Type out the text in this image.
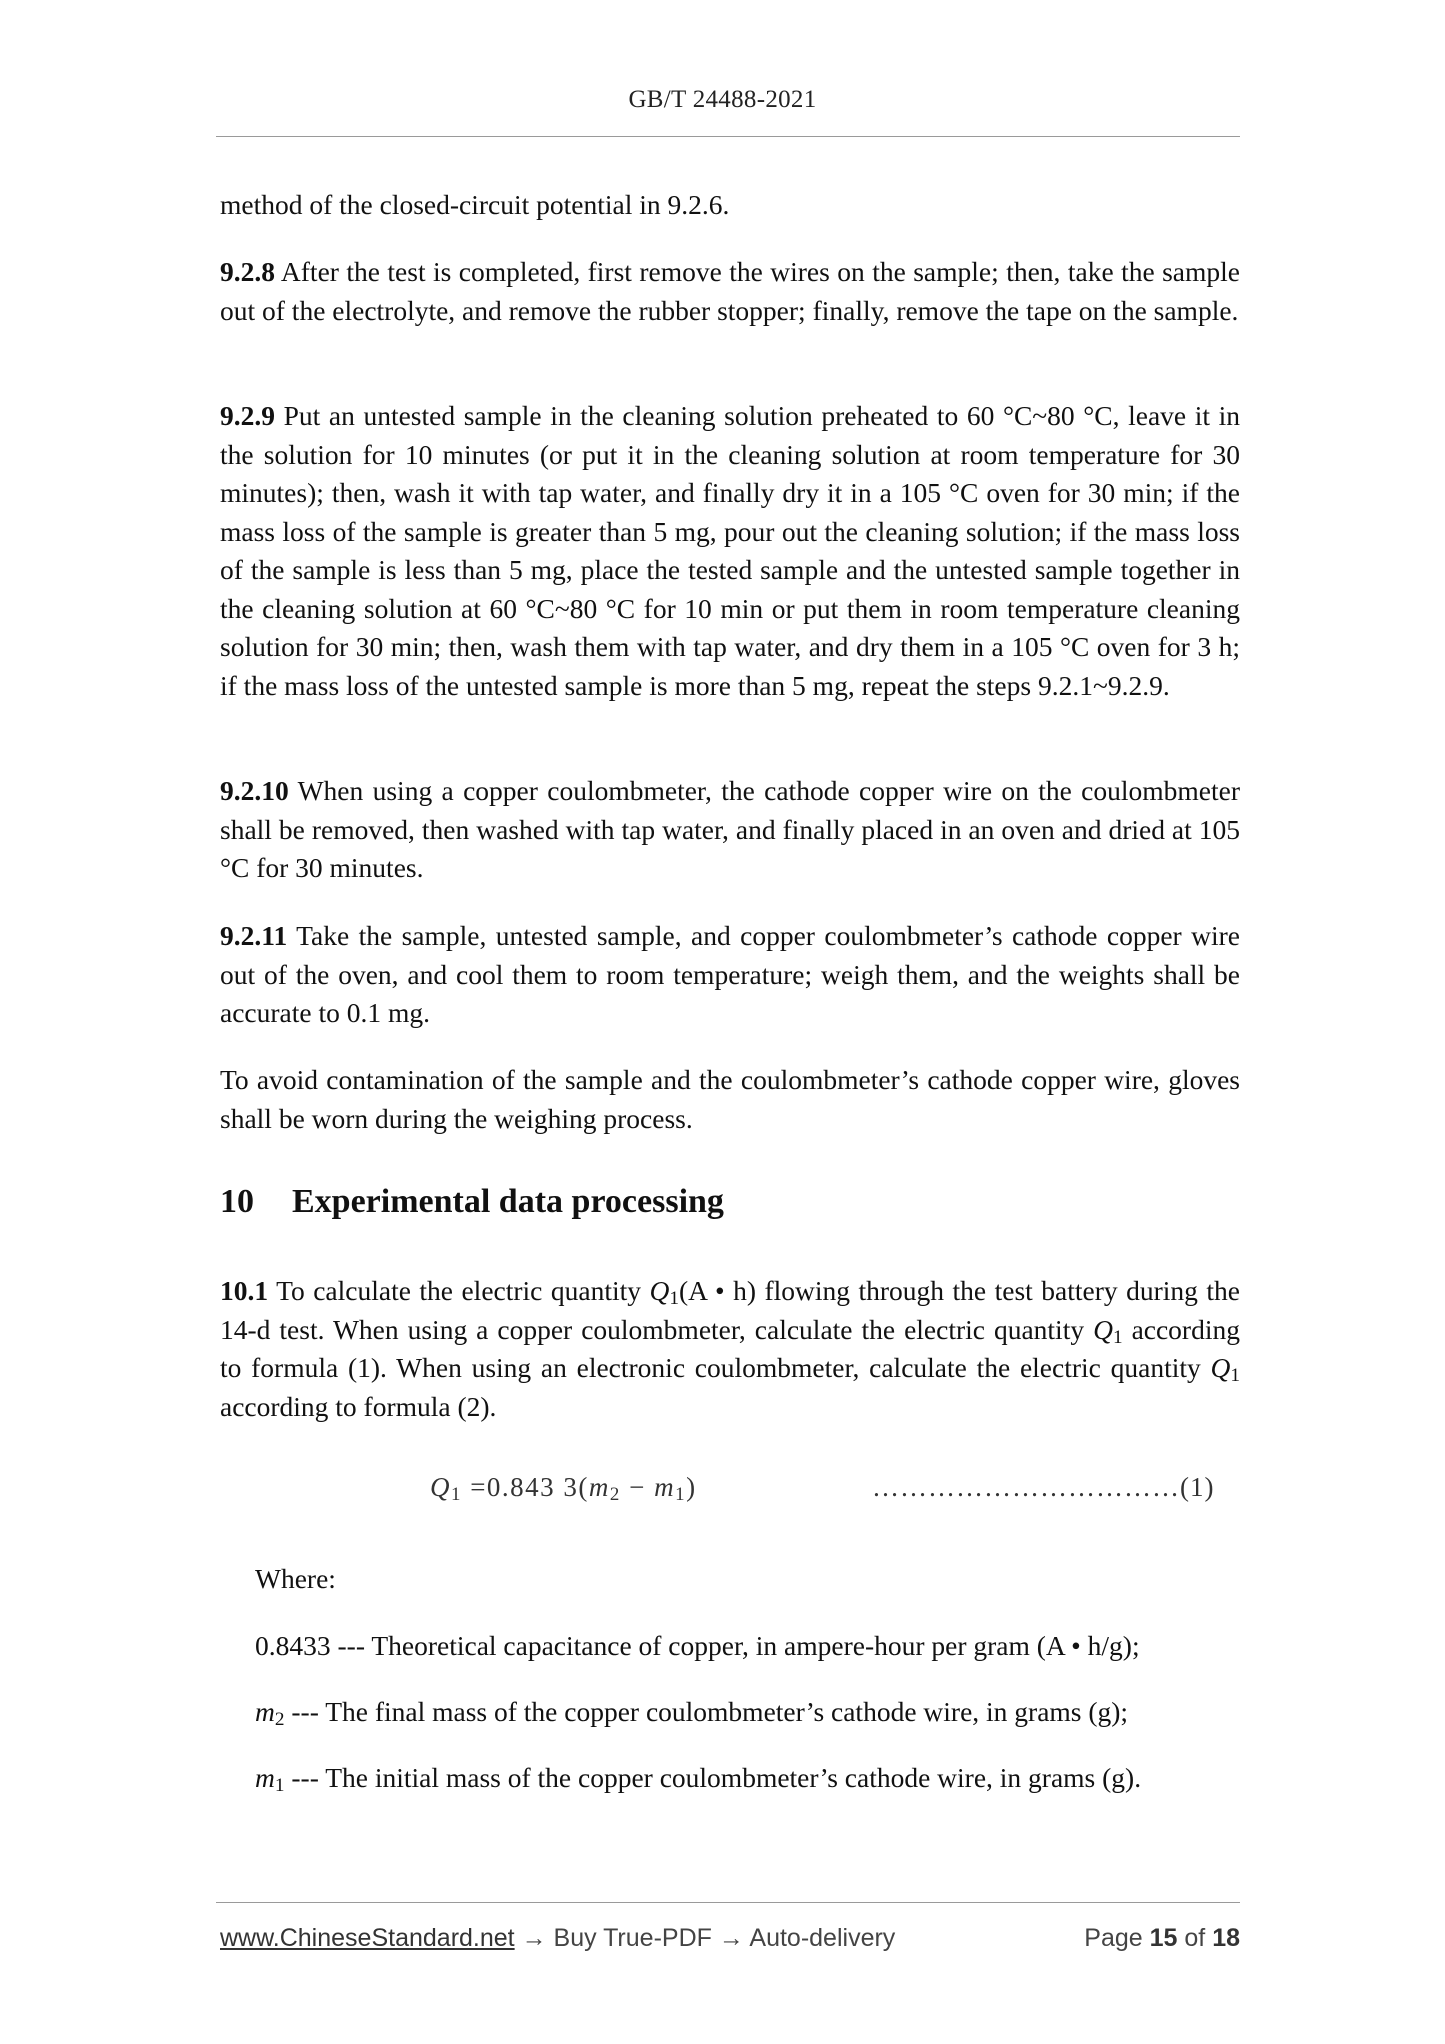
GB/T 24488-2021

method of the closed-circuit potential in 9.2.6.

9.2.8 After the test is completed, first remove the wires on the sample; then, take the sample out of the electrolyte, and remove the rubber stopper; finally, remove the tape on the sample.

9.2.9 Put an untested sample in the cleaning solution preheated to 60 °C~80 °C, leave it in the solution for 10 minutes (or put it in the cleaning solution at room temperature for 30 minutes); then, wash it with tap water, and finally dry it in a 105 °C oven for 30 min; if the mass loss of the sample is greater than 5 mg, pour out the cleaning solution; if the mass loss of the sample is less than 5 mg, place the tested sample and the untested sample together in the cleaning solution at 60 °C~80 °C for 10 min or put them in room temperature cleaning solution for 30 min; then, wash them with tap water, and dry them in a 105 °C oven for 3 h; if the mass loss of the untested sample is more than 5 mg, repeat the steps 9.2.1~9.2.9.

9.2.10 When using a copper coulombmeter, the cathode copper wire on the coulombmeter shall be removed, then washed with tap water, and finally placed in an oven and dried at 105 °C for 30 minutes.

9.2.11 Take the sample, untested sample, and copper coulombmeter’s cathode copper wire out of the oven, and cool them to room temperature; weigh them, and the weights shall be accurate to 0.1 mg.

To avoid contamination of the sample and the coulombmeter’s cathode copper wire, gloves shall be worn during the weighing process.

10 Experimental data processing

10.1 To calculate the electric quantity $Q_1(A$ • h) flowing through the test battery during the 14-d test. When using a copper coulombmeter, calculate the electric quantity $Q_1$ according to formula (1). When using an electronic coulombmeter, calculate the electric quantity $Q_1$ according to formula (2).

$Q_1 =0.843$ $3(m_2 - m_1)$	……………………………(1)
Where:
0.8433 --- Theoretical capacitance of copper, in ampere-hour per gram (A • h/g);
$m_2$ --- The final mass of the copper coulombmeter’s cathode wire, in grams (g);
$m_1$ --- The initial mass of the copper coulombmeter’s cathode wire, in grams (g).
www.ChineseStandard.net → Buy True-PDF → Auto-delivery	Page 15 of 18
